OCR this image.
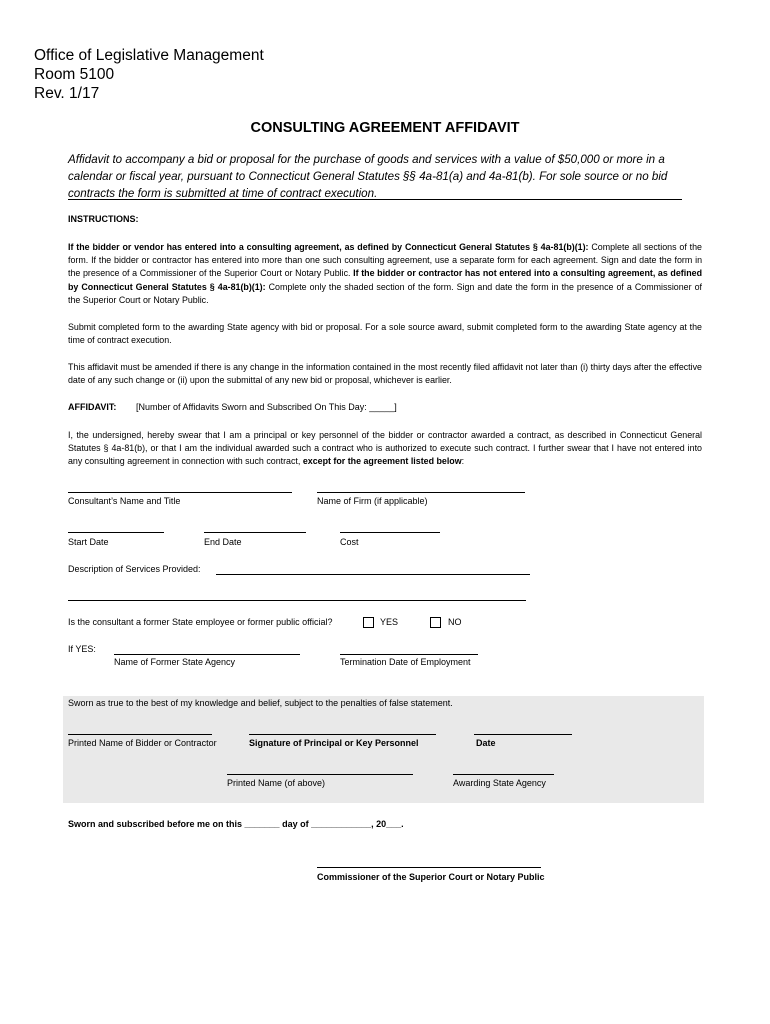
Office of Legislative Management
Room 5100
Rev. 1/17
CONSULTING AGREEMENT AFFIDAVIT
Affidavit to accompany a bid or proposal for the purchase of goods and services with a value of $50,000 or more in a calendar or fiscal year, pursuant to Connecticut General Statutes §§ 4a-81(a) and 4a-81(b). For sole source or no bid contracts the form is submitted at time of contract execution.
INSTRUCTIONS:
If the bidder or vendor has entered into a consulting agreement, as defined by Connecticut General Statutes § 4a-81(b)(1): Complete all sections of the form. If the bidder or contractor has entered into more than one such consulting agreement, use a separate form for each agreement. Sign and date the form in the presence of a Commissioner of the Superior Court or Notary Public. If the bidder or contractor has not entered into a consulting agreement, as defined by Connecticut General Statutes § 4a-81(b)(1): Complete only the shaded section of the form. Sign and date the form in the presence of a Commissioner of the Superior Court or Notary Public.
Submit completed form to the awarding State agency with bid or proposal. For a sole source award, submit completed form to the awarding State agency at the time of contract execution.
This affidavit must be amended if there is any change in the information contained in the most recently filed affidavit not later than (i) thirty days after the effective date of any such change or (ii) upon the submittal of any new bid or proposal, whichever is earlier.
AFFIDAVIT: [Number of Affidavits Sworn and Subscribed On This Day: _____]
I, the undersigned, hereby swear that I am a principal or key personnel of the bidder or contractor awarded a contract, as described in Connecticut General Statutes § 4a-81(b), or that I am the individual awarded such a contract who is authorized to execute such contract. I further swear that I have not entered into any consulting agreement in connection with such contract, except for the agreement listed below:
Consultant’s Name and Title	Name of Firm (if applicable)
Start Date	End Date	Cost
Description of Services Provided:
Is the consultant a former State employee or former public official?	YES	NO
If YES:
Name of Former State Agency	Termination Date of Employment
Sworn as true to the best of my knowledge and belief, subject to the penalties of false statement.
Printed Name of Bidder or Contractor	Signature of Principal or Key Personnel	Date
Printed Name (of above)	Awarding State Agency
Sworn and subscribed before me on this _______ day of ____________, 20___.
Commissioner of the Superior Court or Notary Public
